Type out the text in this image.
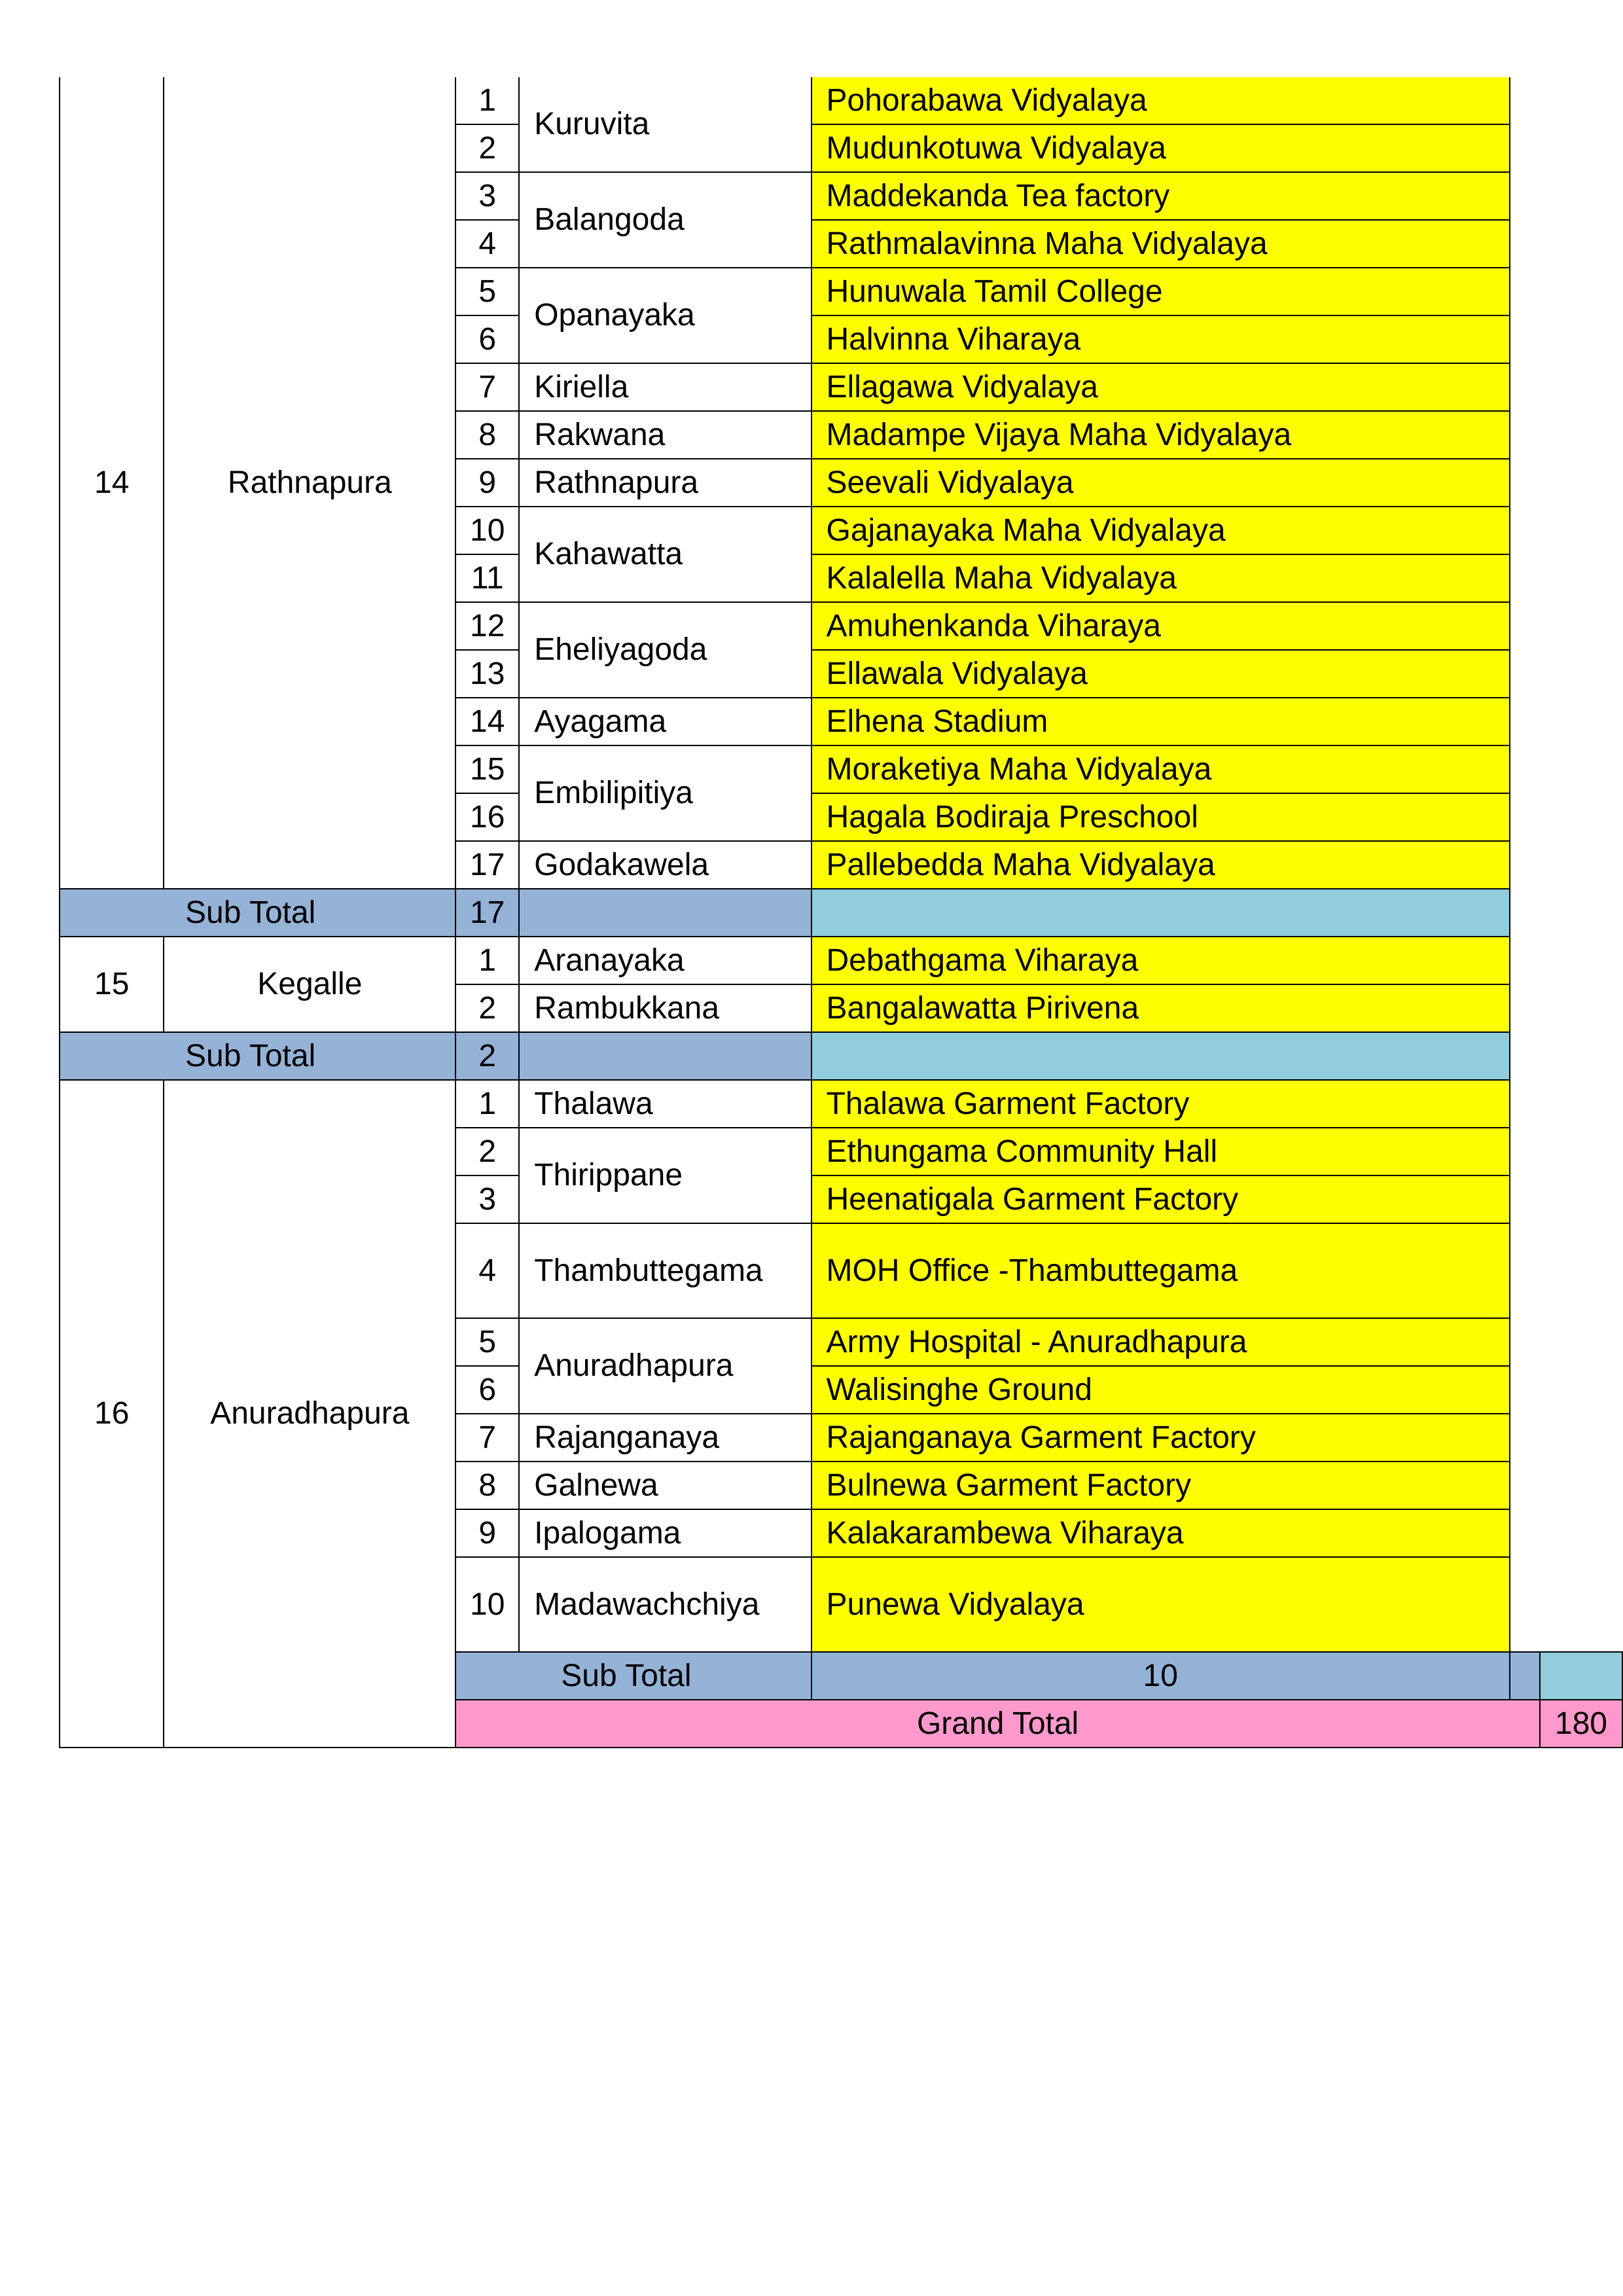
14	Rathnapura	1	Kuruvita	Pohorabawa Vidyalaya		
		2		Mudunkotuwa Vidyalaya		
		3	Balangoda	Maddekanda Tea factory		
		4		Rathmalavinna Maha Vidyalaya		
		5	Opanayaka	Hunuwala Tamil College		
		6		Halvinna Viharaya		
		7	Kiriella	Ellagawa Vidyalaya		
		8	Rakwana	Madampe Vijaya Maha Vidyalaya		
		9	Rathnapura	Seevali Vidyalaya		
		10	Kahawatta	Gajanayaka Maha Vidyalaya		
		11		Kalalella Maha Vidyalaya		
		12	Eheliyagoda	Amuhenkanda Viharaya		
		13		Ellawala Vidyalaya		
		14	Ayagama	Elhena Stadium		
		15	Embilipitiya	Moraketiya Maha Vidyalaya		
		16		Hagala Bodiraja Preschool		
		17	Godakawela	Pallebedda Maha Vidyalaya		
Sub Total		17				
15	Kegalle	1	Aranayaka	Debathgama Viharaya		
		2	Rambukkana	Bangalawatta Pirivena		
Sub Total		2				
16	Anuradhapura	1	Thalawa	Thalawa Garment Factory		
		2	Thirippane	Ethungama Community Hall		
		3		Heenatigala Garment Factory		
		4	Thambuttegama	MOH Office -Thambuttegama		
		5	Anuradhapura	Army Hospital - Anuradhapura		
		6		Walisinghe Ground		
		7	Rajanganaya	Rajanganaya Garment Factory		
		8	Galnewa	Bulnewa Garment Factory		
		9	Ipalogama	Kalakarambewa Viharaya		
		10	Madawachchiya	Punewa Vidyalaya		
		Sub Total		10		
		Grand Total				180
